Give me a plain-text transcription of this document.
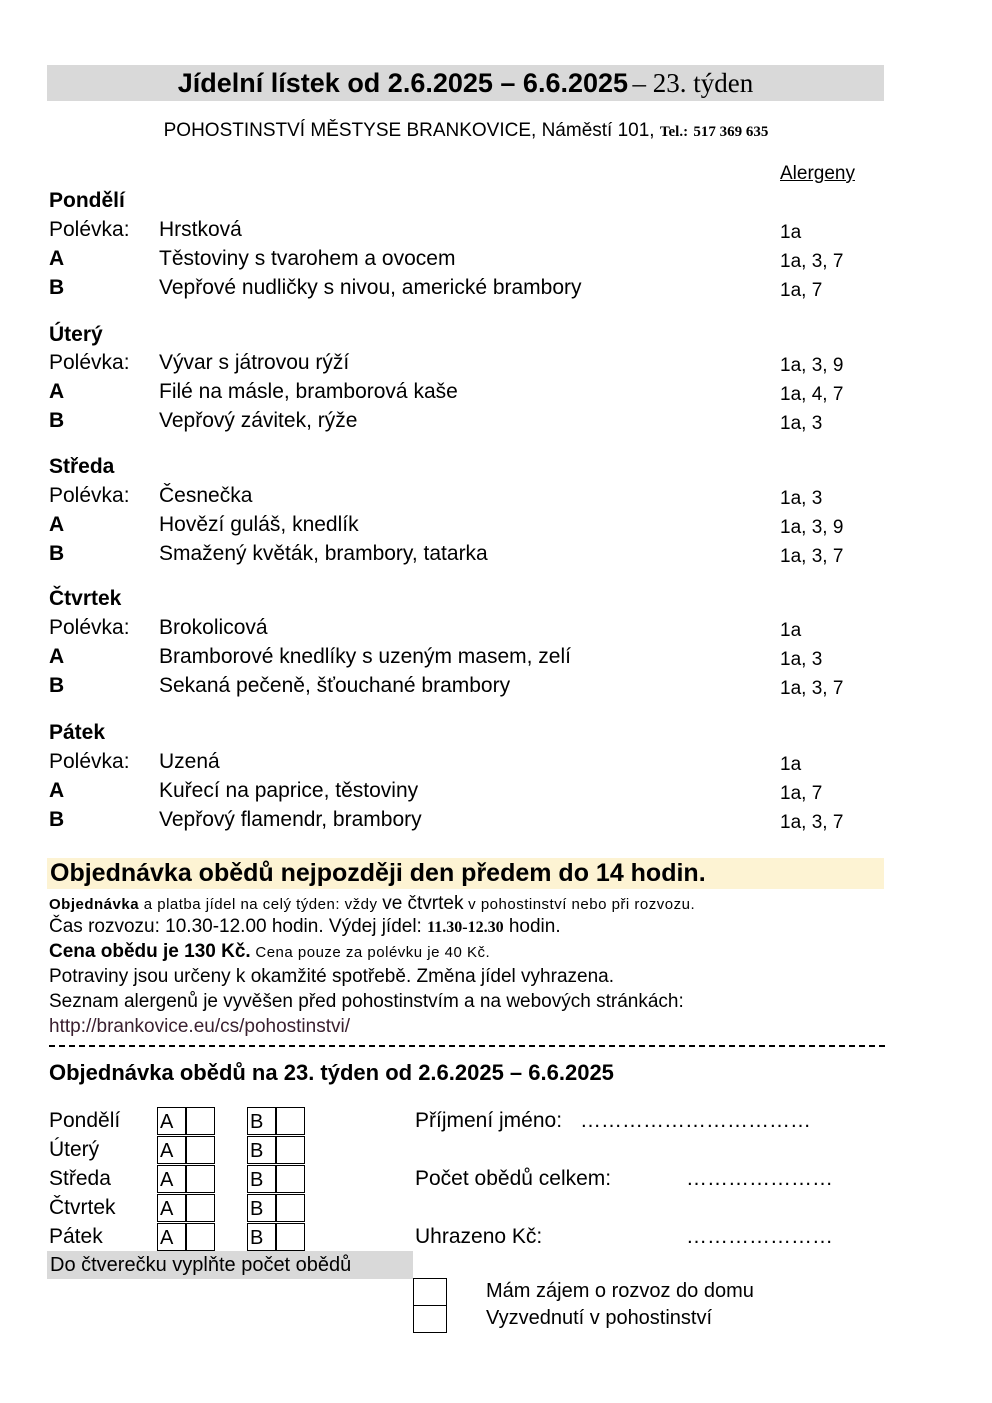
Jídelní lístek od 2.6.2025 – 6.6.2025 – 23. týden
POHOSTINSTVÍ MĚSTYSE BRANKOVICE, Náměstí 101, Tel.: 517 369 635
Alergeny
Pondělí
Polévka: Hrstková	1a
A	Těstoviny s tvarohem a ovocem	1a, 3, 7
B	Vepřové nudličky s nivou, americké brambory	1a, 7
Úterý
Polévka: Vývar s játrovou rýží	1a, 3, 9
A	Filé na másle, bramborová kaše	1a, 4, 7
B	Vepřový závitek, rýže	1a, 3
Středa
Polévka: Česnečka	1a, 3
A	Hovězí guláš, knedlík	1a, 3, 9
B	Smažený květák, brambory, tatarka	1a, 3, 7
Čtvrtek
Polévka: Brokolicová	1a
A	Bramborové knedlíky s uzeným masem, zelí	1a, 3
B	Sekaná pečeně, šťouchané brambory	1a, 3, 7
Pátek
Polévka: Uzená	1a
A	Kuřecí na paprice, těstoviny	1a, 7
B	Vepřový flamendr, brambory	1a, 3, 7
Objednávka obědů nejpozději den předem do 14 hodin.
Objednávka a platba jídel na celý týden: vždy ve čtvrtek v pohostinství nebo při rozvozu.
Čas rozvozu: 10.30-12.00 hodin. Výdej jídel: 11.30-12.30 hodin.
Cena obědu je 130 Kč. Cena pouze za polévku je 40 Kč.
Potraviny jsou určeny k okamžité spotřebě. Změna jídel vyhrazena.
Seznam alergenů je vyvěšen před pohostinstvím a na webových stránkách:
http://brankovice.eu/cs/pohostinstvi/
Objednávka obědů na 23. týden od 2.6.2025 – 6.6.2025
Pondělí A	B
Úterý	A	B
Středa A	B
Čtvrtek A	B
Pátek	A	B
Do čtverečku vyplňte počet obědů
Příjmení jméno: ……………………………
Počet obědů celkem:	…………………
Uhrazeno Kč:	…………………
Mám zájem o rozvoz do domu
Vyzvednutí v pohostinství
